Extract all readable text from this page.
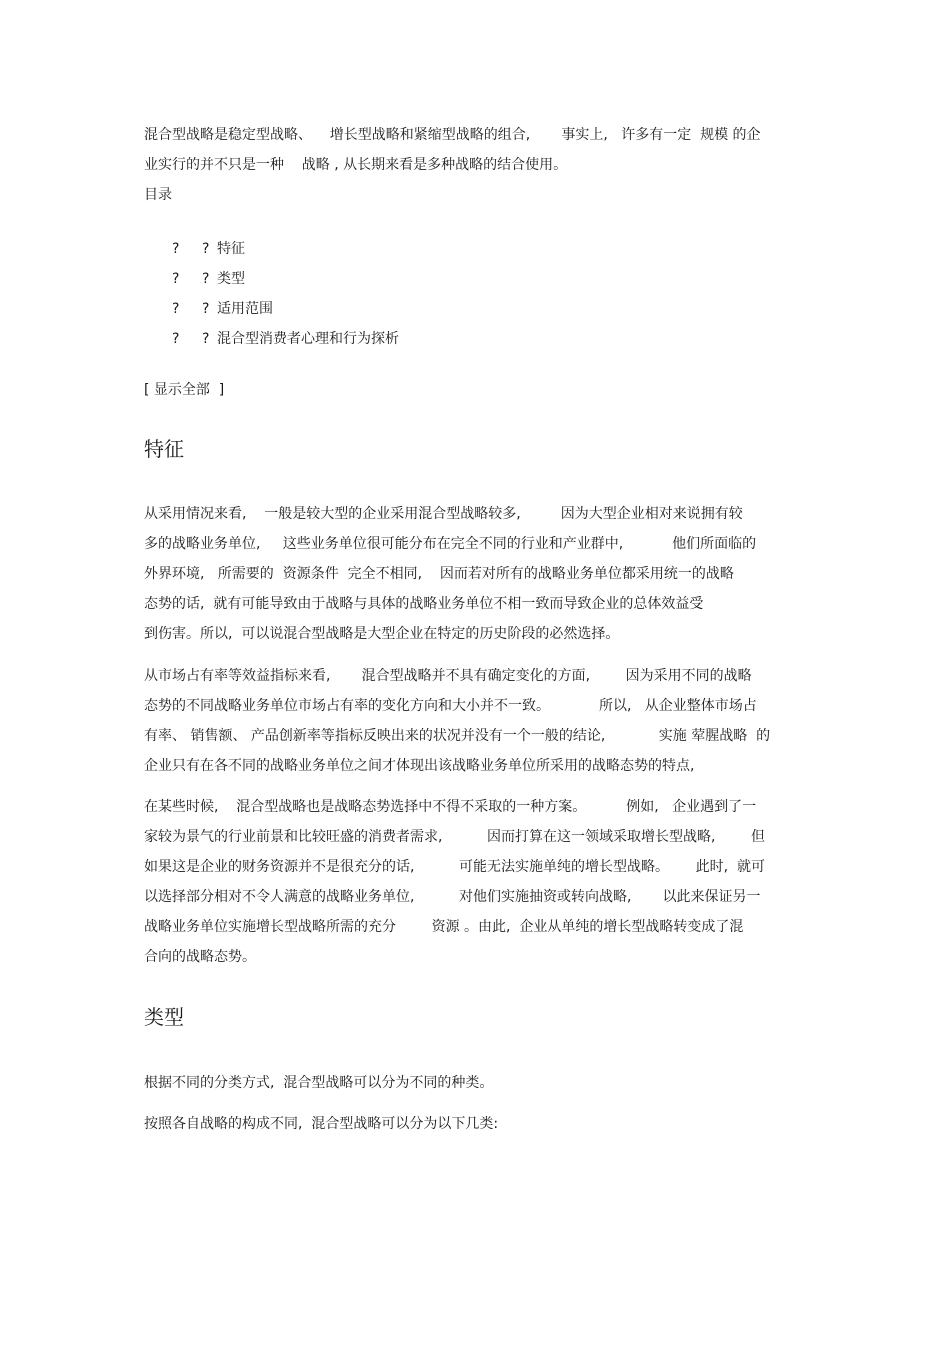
混合型战略是稳定型战略、    增长型战略和紧缩型战略的组合,       事实上,   许多有一定  规模 的企
业实行的并不只是一种    战略 , 从长期来看是多种战略的结合使用。
目录
? ? 特征
? ? 类型
? ? 适用范围
? ? 混合型消费者心理和行为探析
[ 显示全部  ]
特征
从采用情况来看,    一般是较大型的企业采用混合型战略较多,         因为大型企业相对来说拥有较
多的战略业务单位,     这些业务单位很可能分布在完全不同的行业和产业群中,           他们所面临的
外界环境,   所需要的  资源条件  完全不相同,    因而若对所有的战略业务单位都采用统一的战略
态势的话,  就有可能导致由于战略与具体的战略业务单位不相一致而导致企业的总体效益受
到伤害。所以,  可以说混合型战略是大型企业在特定的历史阶段的必然选择。
从市场占有率等效益指标来看,       混合型战略并不具有确定变化的方面,        因为采用不同的战略
态势的不同战略业务单位市场占有率的变化方向和大小并不一致。           所以,   从企业整体市场占
有率、 销售额、 产品创新率等指标反映出来的状况并没有一个一般的结论,            实施 荤腥战略  的
企业只有在各不同的战略业务单位之间才体现出该战略业务单位所采用的战略态势的特点,
在某些时候,    混合型战略也是战略态势选择中不得不采取的一种方案。         例如,   企业遇到了一
家较为景气的行业前景和比较旺盛的消费者需求,          因而打算在这一领域采取增长型战略,        但
如果这是企业的财务资源并不是很充分的话,          可能无法实施单纯的增长型战略。      此时,  就可
以选择部分相对不令人满意的战略业务单位,          对他们实施抽资或转向战略,       以此来保证另一
战略业务单位实施增长型战略所需的充分        资源 。由此,  企业从单纯的增长型战略转变成了混
合向的战略态势。
类型
根据不同的分类方式,  混合型战略可以分为不同的种类。
按照各自战略的构成不同,  混合型战略可以分为以下几类:
